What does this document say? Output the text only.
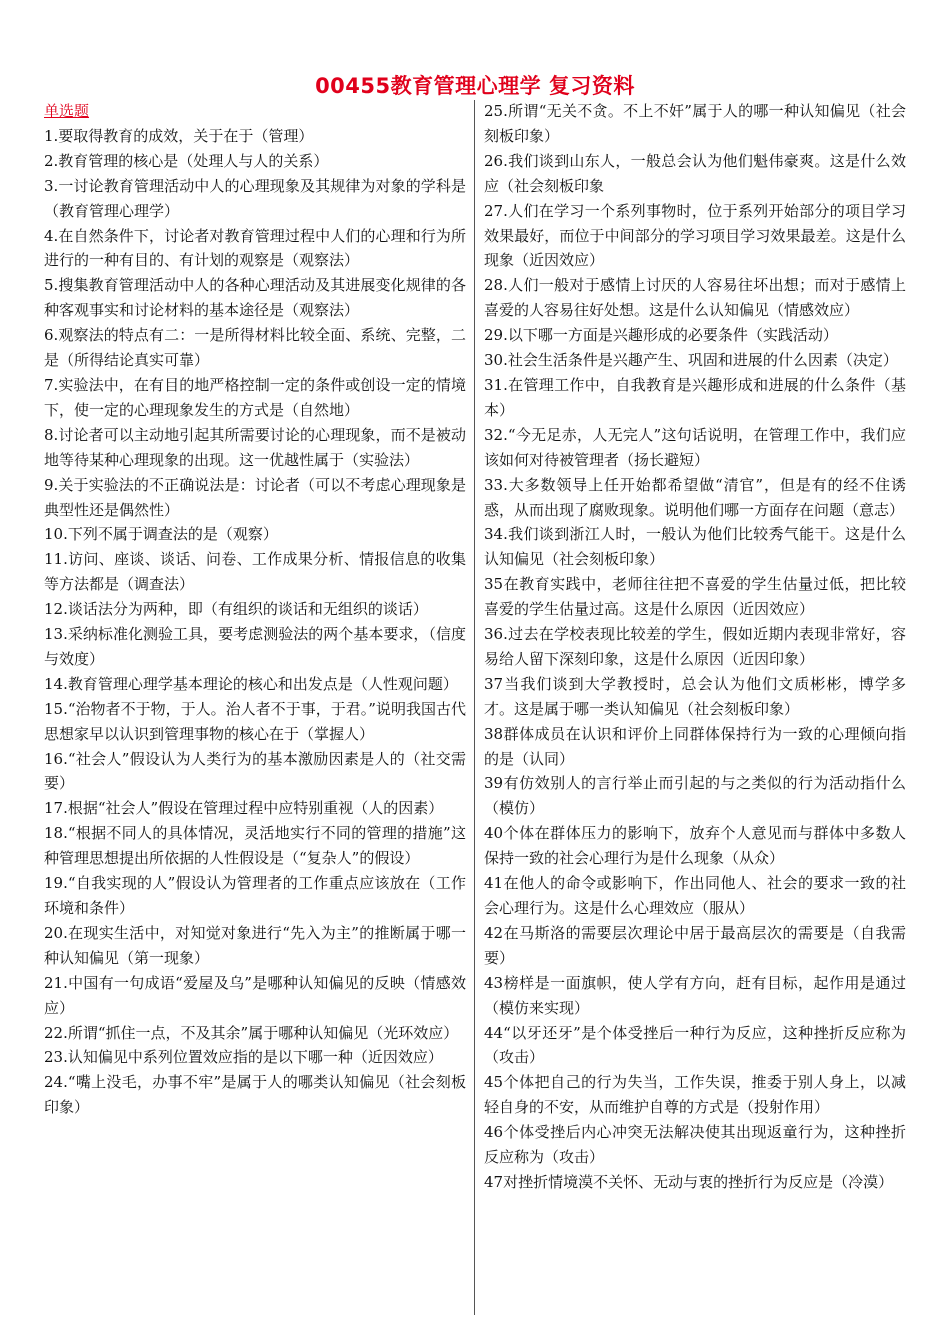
00455教育管理心理学 复习资料
单选题

1.要取得教育的成效，关于在于（管理）

2.教育管理的核心是（处理人与人的关系）

3.一讨论教育管理活动中人的心理现象及其规律为对象的学科是（教育管理心理学）

4.在自然条件下，讨论者对教育管理过程中人们的心理和行为所进行的一种有目的、有计划的观察是（观察法）

5.搜集教育管理活动中人的各种心理活动及其进展变化规律的各种客观事实和讨论材料的基本途径是（观察法）

6.观察法的特点有二：一是所得材料比较全面、系统、完整，二是（所得结论真实可靠）

7.实验法中，在有目的地严格控制一定的条件或创设一定的情境下，使一定的心理现象发生的方式是（自然地）

8.讨论者可以主动地引起其所需要讨论的心理现象，而不是被动地等待某种心理现象的出现。这一优越性属于（实验法）

9.关于实验法的不正确说法是：讨论者（可以不考虑心理现象是典型性还是偶然性）

10.下列不属于调查法的是（观察）

11.访问、座谈、谈话、问卷、工作成果分析、情报信息的收集等方法都是（调查法）

12.谈话法分为两种，即（有组织的谈话和无组织的谈话）

13.采纳标准化测验工具，要考虑测验法的两个基本要求，（信度与效度）

14.教育管理心理学基本理论的核心和出发点是（人性观问题）

15.“治物者不于物，于人。治人者不于事，于君。”说明我国古代思想家早以认识到管理事物的核心在于（掌握人）

16.“社会人”假设认为人类行为的基本激励因素是人的（社交需要）

17.根据“社会人”假设在管理过程中应特别重视（人的因素）

18.“根据不同人的具体情况，灵活地实行不同的管理的措施”这种管理思想提出所依据的人性假设是（“复杂人”的假设）

19.“自我实现的人”假设认为管理者的工作重点应该放在（工作环境和条件）

20.在现实生活中，对知觉对象进行“先入为主”的推断属于哪一种认知偏见（第一现象）

21.中国有一句成语“爱屋及乌”是哪种认知偏见的反映（情感效应）

22.所谓“抓住一点，不及其余”属于哪种认知偏见（光环效应）

23.认知偏见中系列位置效应指的是以下哪一种（近因效应）

24.“嘴上没毛，办事不牢”是属于人的哪类认知偏见（社会刻板印象）

25.所谓“无关不贪。不上不奸”属于人的哪一种认知偏见（社会刻板印象）

26.我们谈到山东人，一般总会认为他们魁伟豪爽。这是什么效应（社会刻板印象

27.人们在学习一个系列事物时，位于系列开始部分的项目学习效果最好，而位于中间部分的学习项目学习效果最差。这是什么现象（近因效应）

28.人们一般对于感情上讨厌的人容易往坏出想；而对于感情上喜爱的人容易往好处想。这是什么认知偏见（情感效应）

29.以下哪一方面是兴趣形成的必要条件（实践活动）

30.社会生活条件是兴趣产生、巩固和进展的什么因素（决定）

31.在管理工作中，自我教育是兴趣形成和进展的什么条件（基本）

32.“今无足赤，人无完人”这句话说明，在管理工作中，我们应该如何对待被管理者（扬长避短）

33.大多数领导上任开始都希望做“清官”，但是有的经不住诱惑，从而出现了腐败现象。说明他们哪一方面存在问题（意志）

34.我们谈到浙江人时，一般认为他们比较秀气能干。这是什么认知偏见（社会刻板印象）

35在教育实践中，老师往往把不喜爱的学生估量过低，把比较喜爱的学生估量过高。这是什么原因（近因效应）

36.过去在学校表现比较差的学生，假如近期内表现非常好，容易给人留下深刻印象，这是什么原因（近因印象）

37当我们谈到大学教授时，总会认为他们文质彬彬，博学多才。这是属于哪一类认知偏见（社会刻板印象）

38群体成员在认识和评价上同群体保持行为一致的心理倾向指的是（认同）

39有仿效别人的言行举止而引起的与之类似的行为活动指什么（模仿）

40个体在群体压力的影响下，放弃个人意见而与群体中多数人保持一致的社会心理行为是什么现象（从众）

41在他人的命令或影响下，作出同他人、社会的要求一致的社会心理行为。这是什么心理效应（服从）

42在马斯洛的需要层次理论中居于最高层次的需要是（自我需要）

43榜样是一面旗帜，使人学有方向，赶有目标，起作用是通过（模仿来实现）

44“以牙还牙”是个体受挫后一种行为反应，这种挫折反应称为（攻击）

45个体把自己的行为失当，工作失误，推委于别人身上，以减轻自身的不安，从而维护自尊的方式是（投射作用）

46个体受挫后内心冲突无法解决使其出现返童行为，这种挫折反应称为（攻击）

47对挫折情境漠不关怀、无动与衷的挫折行为反应是（冷漠）
